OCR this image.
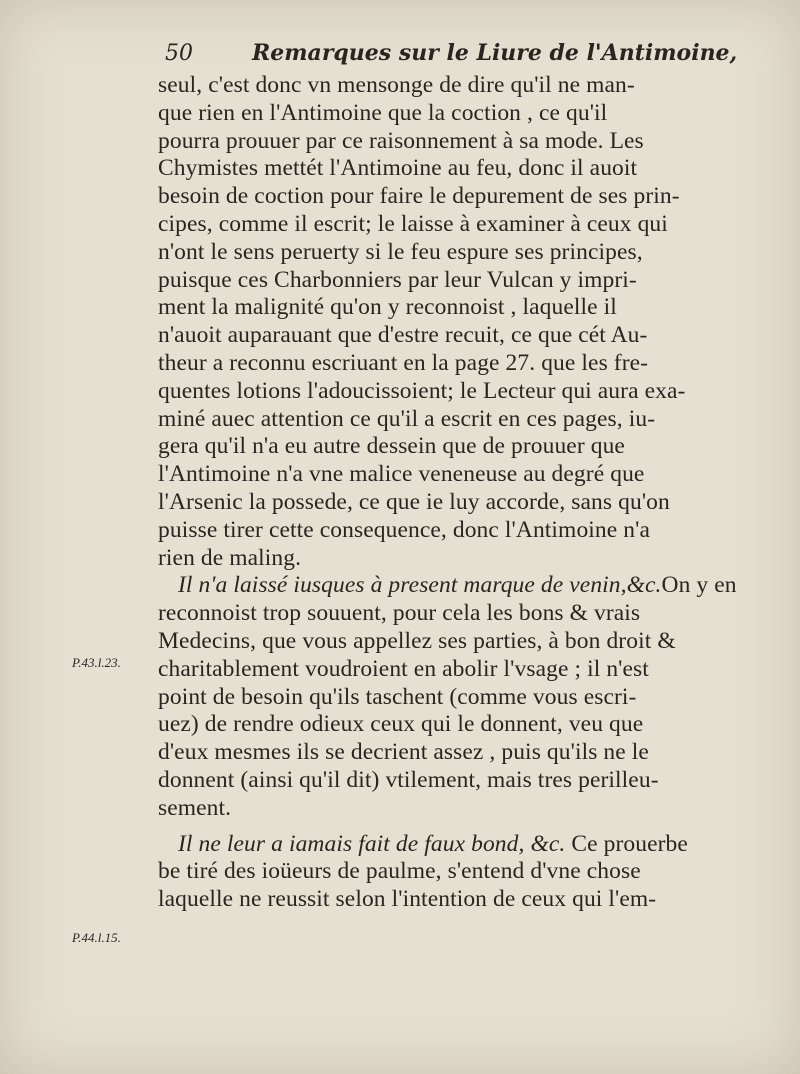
50	Remarques sur le Liure de l'Antimoine,
seul, c'est donc vn mensonge de dire qu'il ne man-
que rien en l'Antimoine que la coction , ce qu'il
pourra prouuer par ce raisonnement à sa mode. Les
Chymistes mettét l'Antimoine au feu, donc il auoit
besoin de coction pour faire le depurement de ses prin-
cipes, comme il escrit; le laisse à examiner à ceux qui
n'ont le sens peruerty si le feu espure ses principes,
puisque ces Charbonniers par leur Vulcan y impri-
ment la malignité qu'on y reconnoist , laquelle il
n'auoit auparauant que d'estre recuit, ce que cét Au-
theur a reconnu escriuant en la page 27. que les fre-
quentes lotions l'adoucissoient; le Lecteur qui aura exa-
miné auec attention ce qu'il a escrit en ces pages, iu-
gera qu'il n'a eu autre dessein que de prouuer que
l'Antimoine n'a vne malice veneneuse au degré que
l'Arsenic la possede, ce que ie luy accorde, sans qu'on
puisse tirer cette consequence, donc l'Antimoine n'a
rien de maling.
Il n'a laissé iusques à present marque de venin,&c.On y en
reconnoist trop souuent, pour cela les bons & vrais
Medecins, que vous appellez ses parties, à bon droit &
charitablement voudroient en abolir l'vsage ; il n'est
point de besoin qu'ils taschent (comme vous escri-
uez) de rendre odieux ceux qui le donnent, veu que
d'eux mesmes ils se decrient assez , puis qu'ils ne le
donnent (ainsi qu'il dit) vtilement, mais tres perilleu-
sement.
Il ne leur a iamais fait de faux bond, &c. Ce prouerbe
be tiré des ioüeurs de paulme, s'entend d'vne chose
laquelle ne reussit selon l'intention de ceux qui l'em-
P.43.l.23.
P.44.l.15.
